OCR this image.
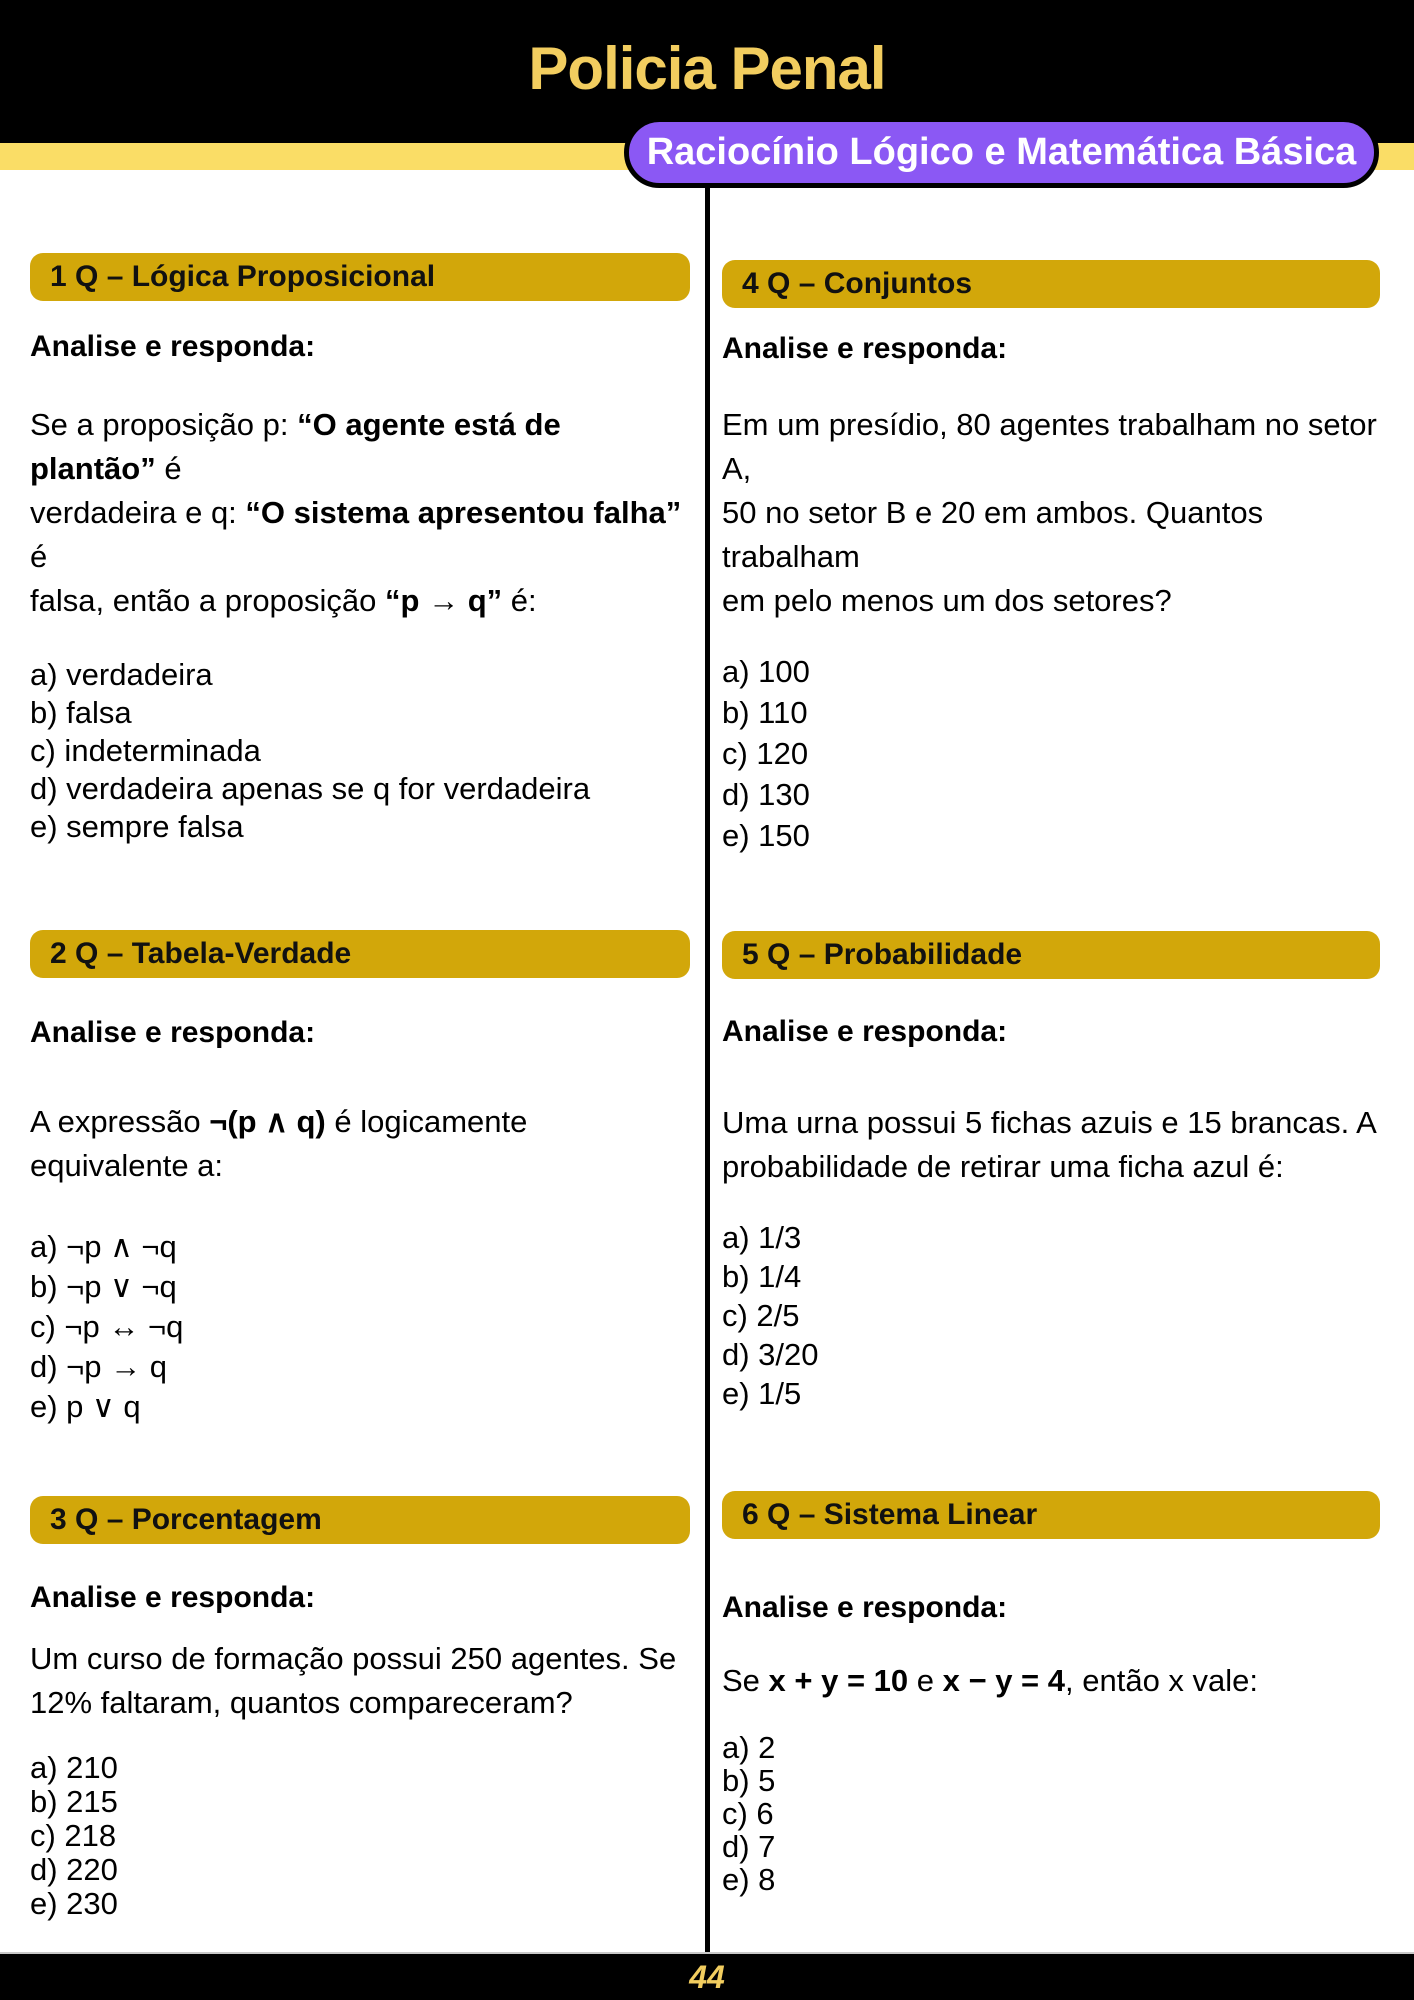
Policia Penal
Raciocínio Lógico e Matemática Básica
1 Q – Lógica Proposicional
Analise e responda:
Se a proposição p: “O agente está de plantão” é
verdadeira e q: “O sistema apresentou falha” é
falsa, então a proposição “p → q” é:
a) verdadeira
b) falsa
c) indeterminada
d) verdadeira apenas se q for verdadeira
e) sempre falsa
2 Q – Tabela-Verdade
Analise e responda:
A expressão ¬(p ∧ q) é logicamente equivalente a:
a) ¬p ∧ ¬q
b) ¬p ∨ ¬q
c) ¬p ↔ ¬q
d) ¬p → q
e) p ∨ q
3 Q – Porcentagem
Analise e responda:
Um curso de formação possui 250 agentes. Se
12% faltaram, quantos compareceram?
a) 210
b) 215
c) 218
d) 220
e) 230
4 Q – Conjuntos
Analise e responda:
Em um presídio, 80 agentes trabalham no setor A,
50 no setor B e 20 em ambos. Quantos trabalham
em pelo menos um dos setores?
a) 100
b) 110
c) 120
d) 130
e) 150
5 Q – Probabilidade
Analise e responda:
Uma urna possui 5 fichas azuis e 15 brancas. A
probabilidade de retirar uma ficha azul é:
a) 1/3
b) 1/4
c) 2/5
d) 3/20
e) 1/5
6 Q – Sistema Linear
Analise e responda:
Se x + y = 10 e x − y = 4, então x vale:
a) 2
b) 5
c) 6
d) 7
e) 8
44
